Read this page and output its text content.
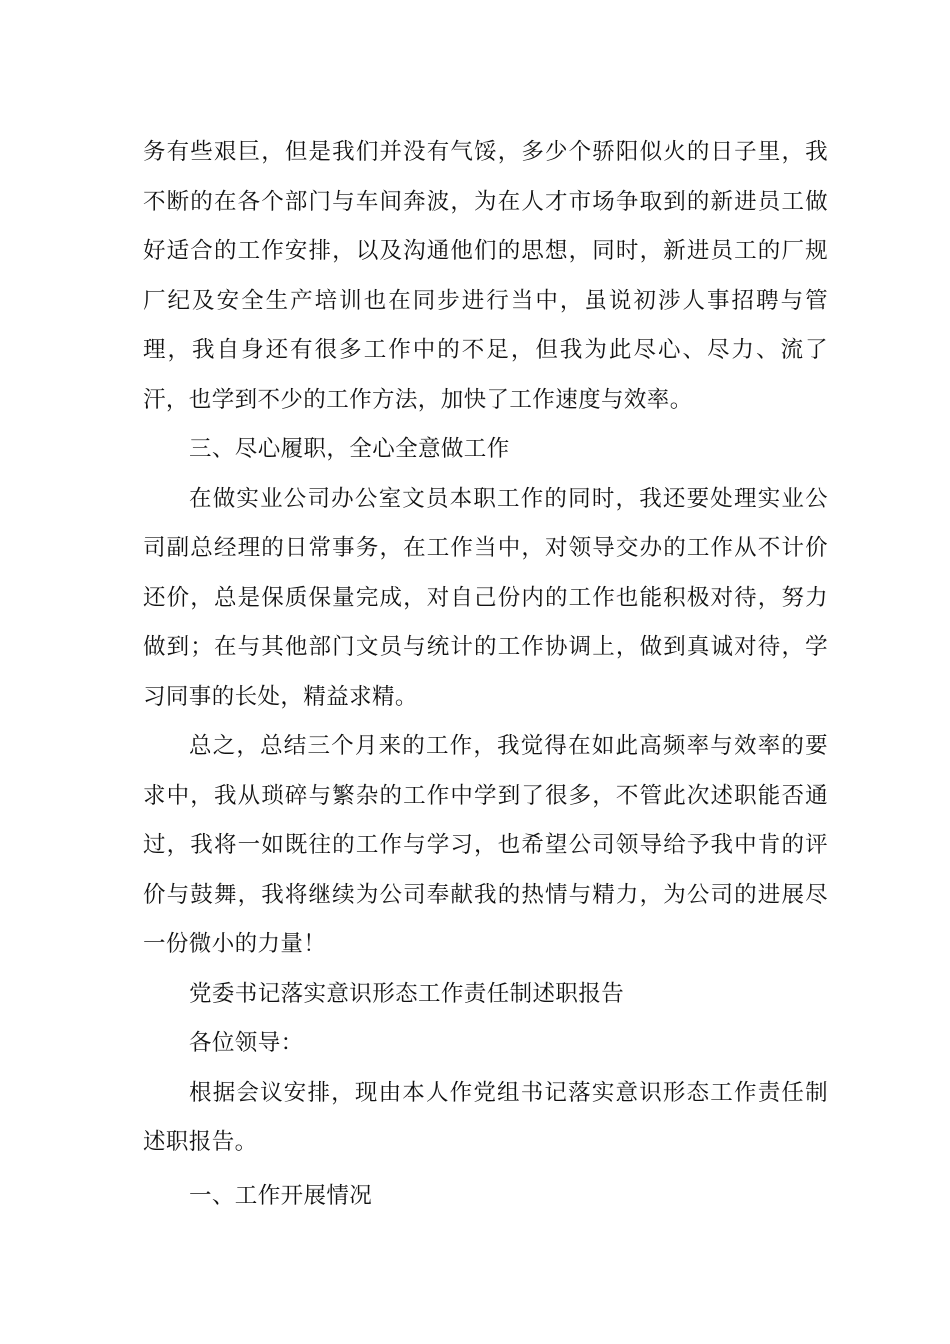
务有些艰巨，但是我们并没有气馁，多少个骄阳似火的日子里，我不断的在各个部门与车间奔波，为在人才市场争取到的新进员工做好适合的工作安排，以及沟通他们的思想，同时，新进员工的厂规厂纪及安全生产培训也在同步进行当中，虽说初涉人事招聘与管理，我自身还有很多工作中的不足，但我为此尽心、尽力、流了汗，也学到不少的工作方法，加快了工作速度与效率。

三、尽心履职，全心全意做工作

在做实业公司办公室文员本职工作的同时，我还要处理实业公司副总经理的日常事务，在工作当中，对领导交办的工作从不计价还价，总是保质保量完成，对自己份内的工作也能积极对待，努力做到；在与其他部门文员与统计的工作协调上，做到真诚对待，学习同事的长处，精益求精。

总之，总结三个月来的工作，我觉得在如此高频率与效率的要求中，我从琐碎与繁杂的工作中学到了很多，不管此次述职能否通过，我将一如既往的工作与学习，也希望公司领导给予我中肯的评价与鼓舞，我将继续为公司奉献我的热情与精力，为公司的进展尽一份微小的力量！

党委书记落实意识形态工作责任制述职报告

各位领导：

根据会议安排，现由本人作党组书记落实意识形态工作责任制述职报告。

一、工作开展情况
